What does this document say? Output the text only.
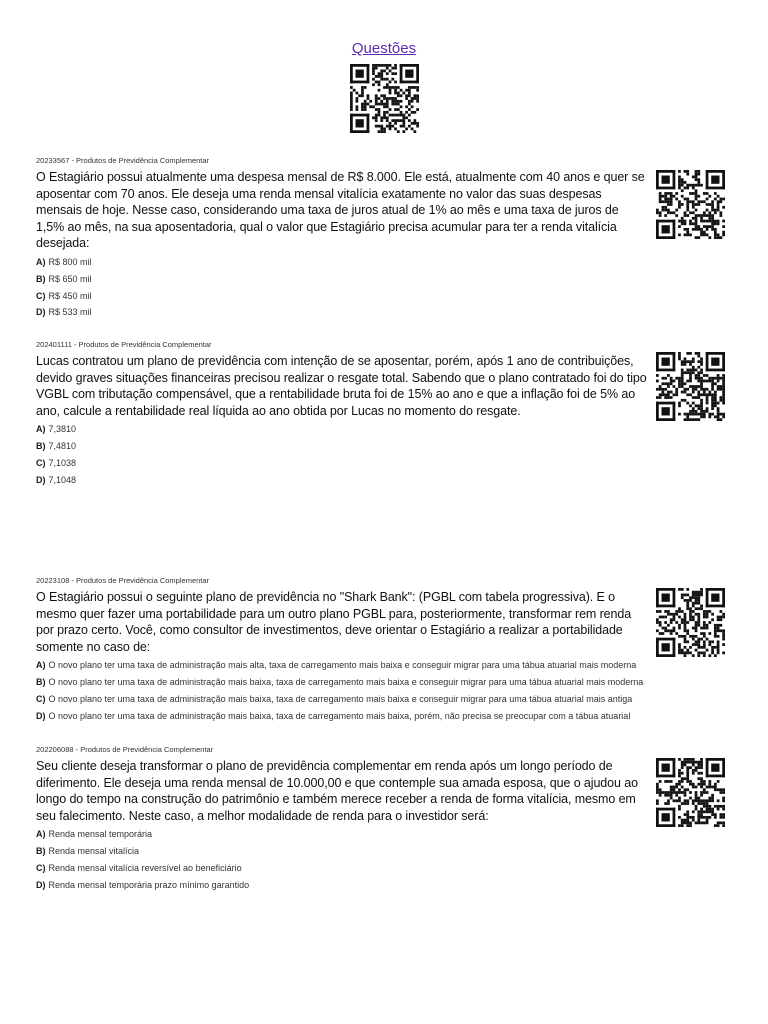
Questões
20233567 - Produtos de Previdência Complementar
O Estagiário possui atualmente uma despesa mensal de R$ 8.000. Ele está, atualmente com 40 anos e quer se aposentar com 70 anos. Ele deseja uma renda mensal vitalícia exatamente no valor das suas despesas mensais de hoje. Nesse caso, considerando uma taxa de juros atual de 1% ao mês e uma taxa de juros de 1,5% ao mês, na sua aposentadoria, qual o valor que Estagiário precisa acumular para ter a renda vitalícia desejada:
A) R$ 800 mil
B) R$ 650 mil
C) R$ 450 mil
D) R$ 533 mil
202401111 - Produtos de Previdência Complementar
Lucas contratou um plano de previdência com intenção de se aposentar, porém, após 1 ano de contribuições, devido graves situações financeiras precisou realizar o resgate total. Sabendo que o plano contratado foi do tipo VGBL com tributação compensável, que a rentabilidade bruta foi de 15% ao ano e que a inflação foi de 5% ao ano, calcule a rentabilidade real líquida ao ano obtida por Lucas no momento do resgate.
A) 7,3810
B) 7,4810
C) 7,1038
D) 7,1048
20223108 - Produtos de Previdência Complementar
O Estagiário possui o seguinte plano de previdência no "Shark Bank": (PGBL com tabela progressiva). E o mesmo quer fazer uma portabilidade para um outro plano PGBL para, posteriormente, transformar rem renda por prazo certo. Você, como consultor de investimentos, deve orientar o Estagiário a realizar a portabilidade somente no caso de:
A) O novo plano ter uma taxa de administração mais alta, taxa de carregamento mais baixa e conseguir migrar para uma tábua atuarial mais moderna
B) O novo plano ter uma taxa de administração mais baixa, taxa de carregamento mais baixa e conseguir migrar para uma tábua atuarial mais moderna
C) O novo plano ter uma taxa de administração mais baixa, taxa de carregamento mais baixa e conseguir migrar para uma tábua atuarial mais antiga
D) O novo plano ter uma taxa de administração mais baixa, taxa de carregamento mais baixa, porém, não precisa se preocupar com a tábua atuarial
202206088 - Produtos de Previdência Complementar
Seu cliente deseja transformar o plano de previdência complementar em renda após um longo período de diferimento. Ele deseja uma renda mensal de 10.000,00 e que contemple sua amada esposa, que o ajudou ao longo do tempo na construção do patrimônio e também merece receber a renda de forma vitalícia, mesmo em seu falecimento. Neste caso, a melhor modalidade de renda para o investidor será:
A) Renda mensal temporária
B) Renda mensal vitalícia
C) Renda mensal vitalícia reversível ao beneficiário
D) Renda mensal temporária prazo mínimo garantido
